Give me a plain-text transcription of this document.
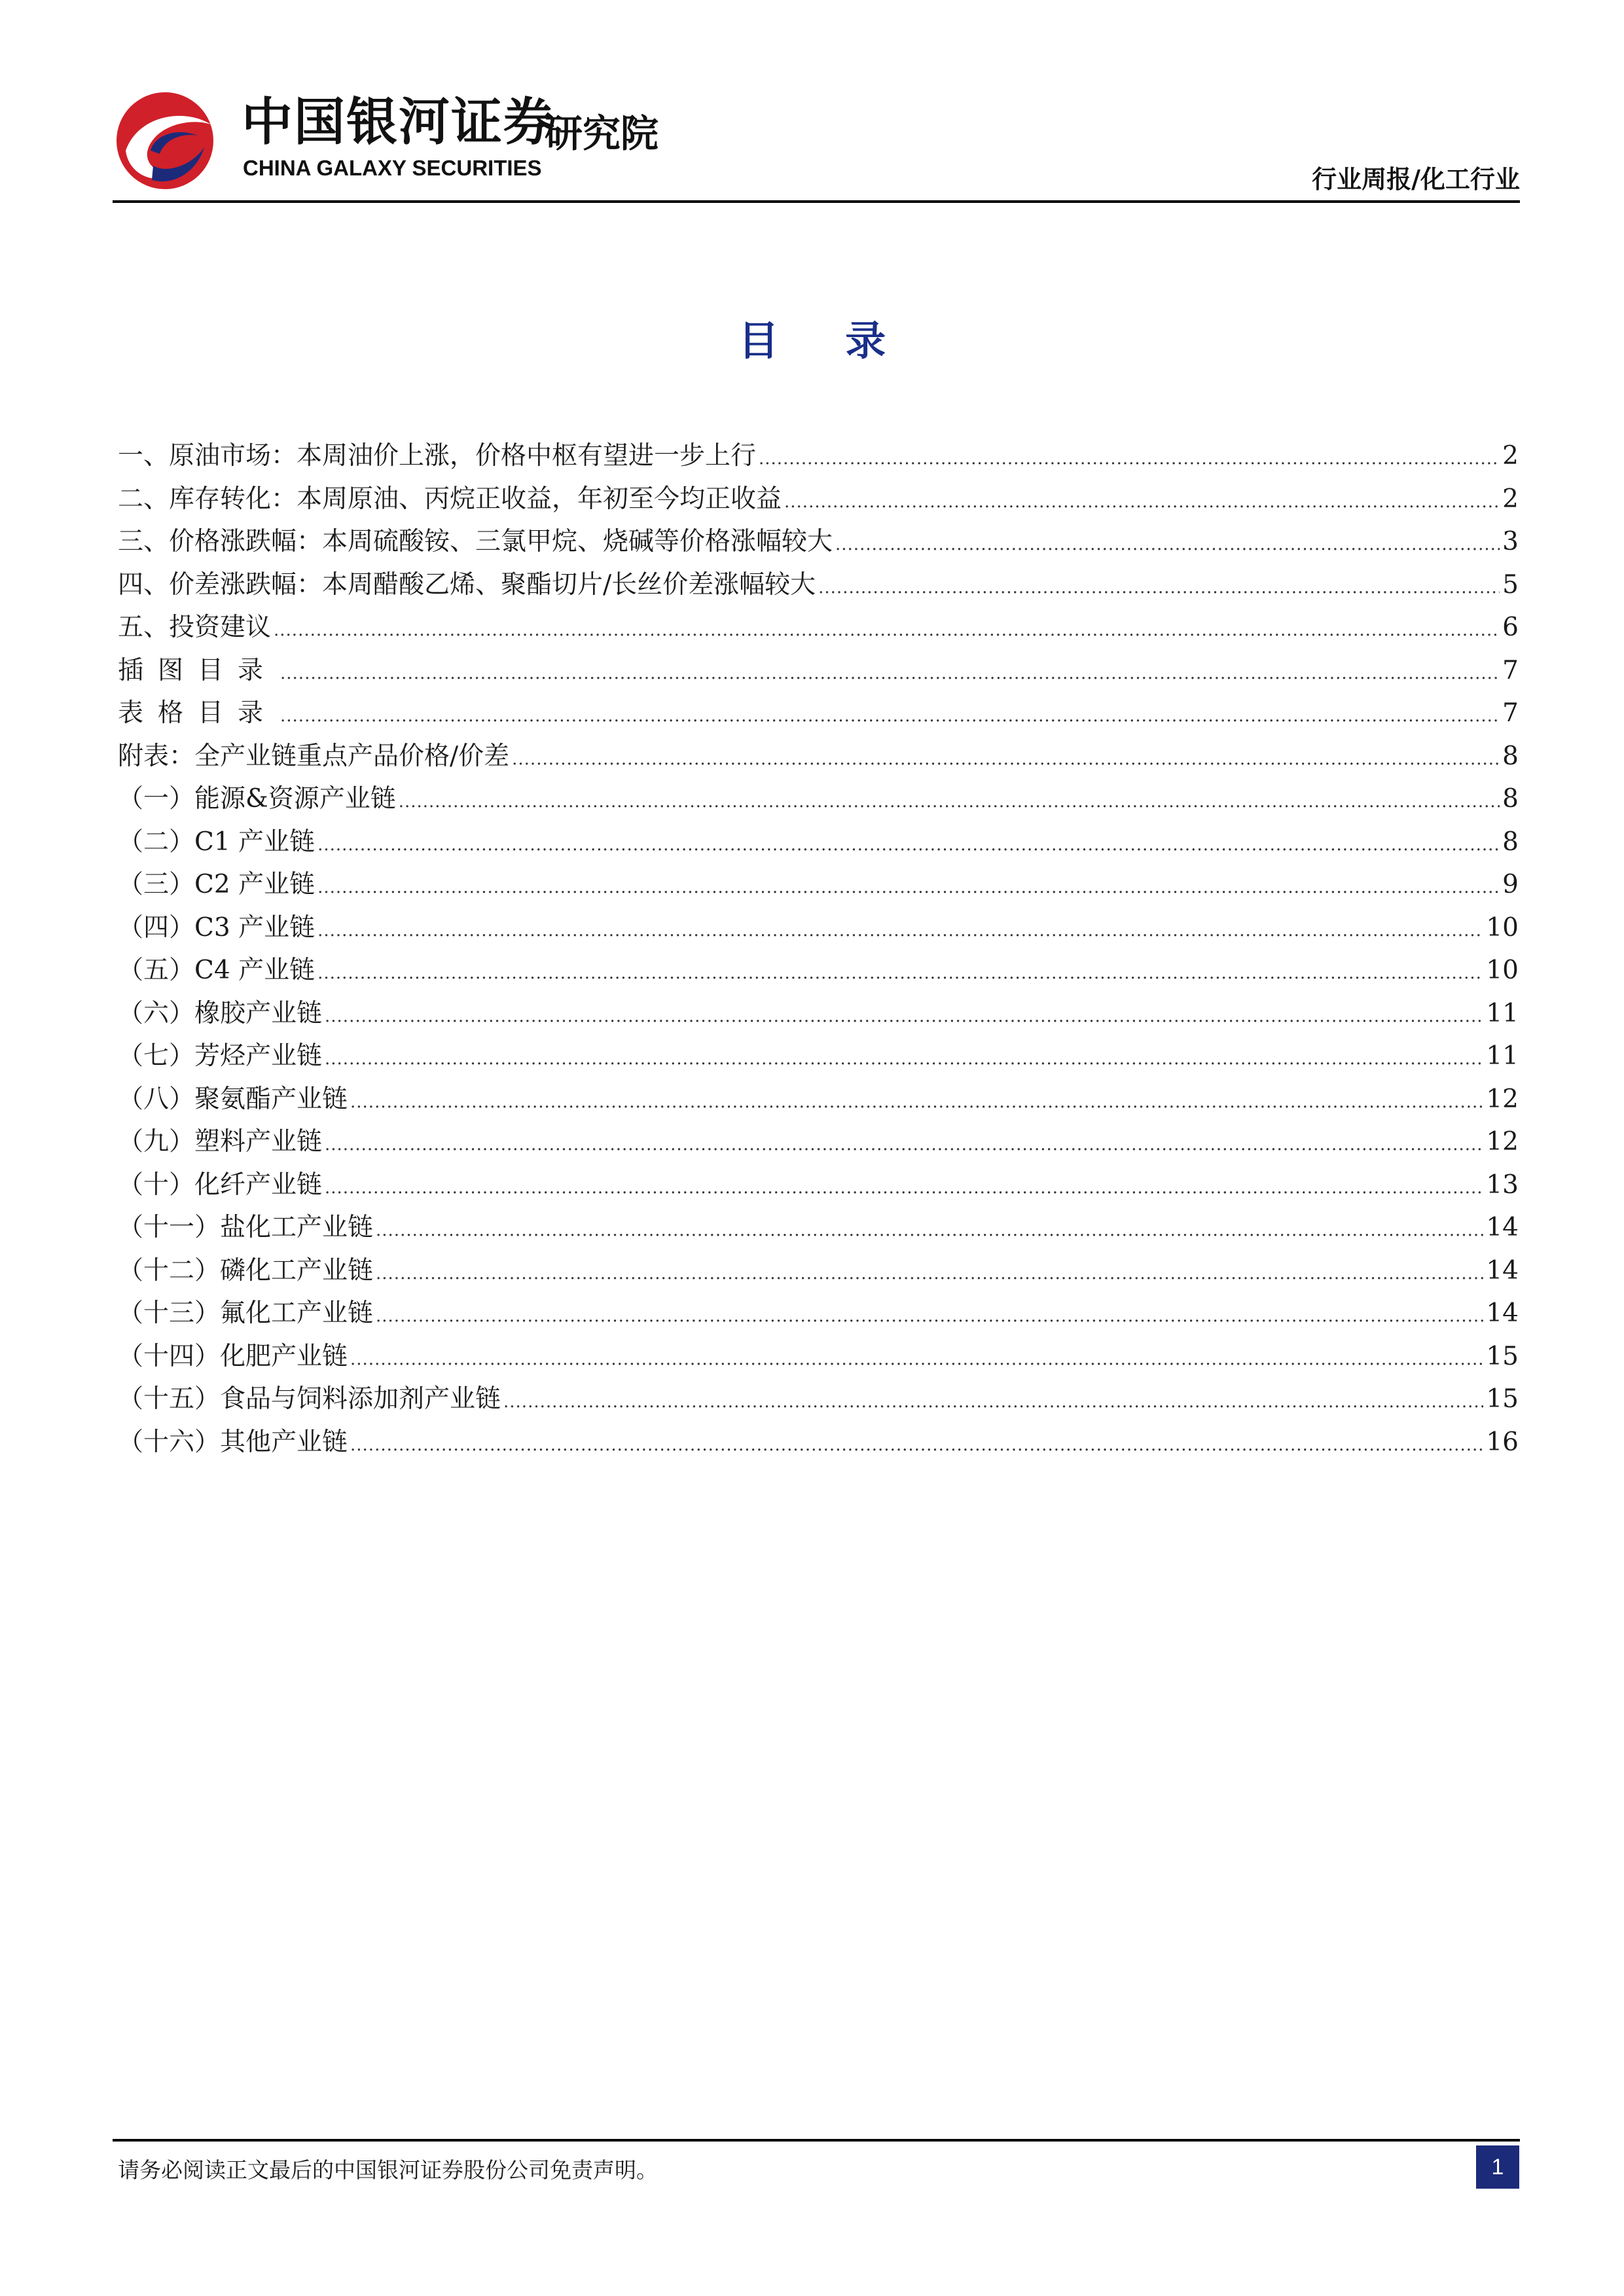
中国银河证券
CHINA GALAXY SECURITIES
研究院
行业周报/化工行业
目 录
一、原油市场：本周油价上涨，价格中枢有望进一步上行 .....	2
二、库存转化：本周原油、丙烷正收益，年初至今均正收益 .....	2
三、价格涨跌幅：本周硫酸铵、三氯甲烷、烧碱等价格涨幅较大 .....	3
四、价差涨跌幅：本周醋酸乙烯、聚酯切片/长丝价差涨幅较大 .....	5
五、投资建议 .....	6
插图目录 .....	7
表格目录 .....	7
附表：全产业链重点产品价格/价差 .....	8
（一）能源&资源产业链 .....	8
（二）C1 产业链 .....	8
（三）C2 产业链 .....	9
（四）C3 产业链 .....	10
（五）C4 产业链 .....	10
（六）橡胶产业链 .....	11
（七）芳烃产业链 .....	11
（八）聚氨酯产业链 .....	12
（九）塑料产业链 .....	12
（十）化纤产业链 .....	13
（十一）盐化工产业链 .....	14
（十二）磷化工产业链 .....	14
（十三）氟化工产业链 .....	14
（十四）化肥产业链 .....	15
（十五）食品与饲料添加剂产业链 .....	15
（十六）其他产业链 .....	16
请务必阅读正文最后的中国银河证券股份公司免责声明。	1
